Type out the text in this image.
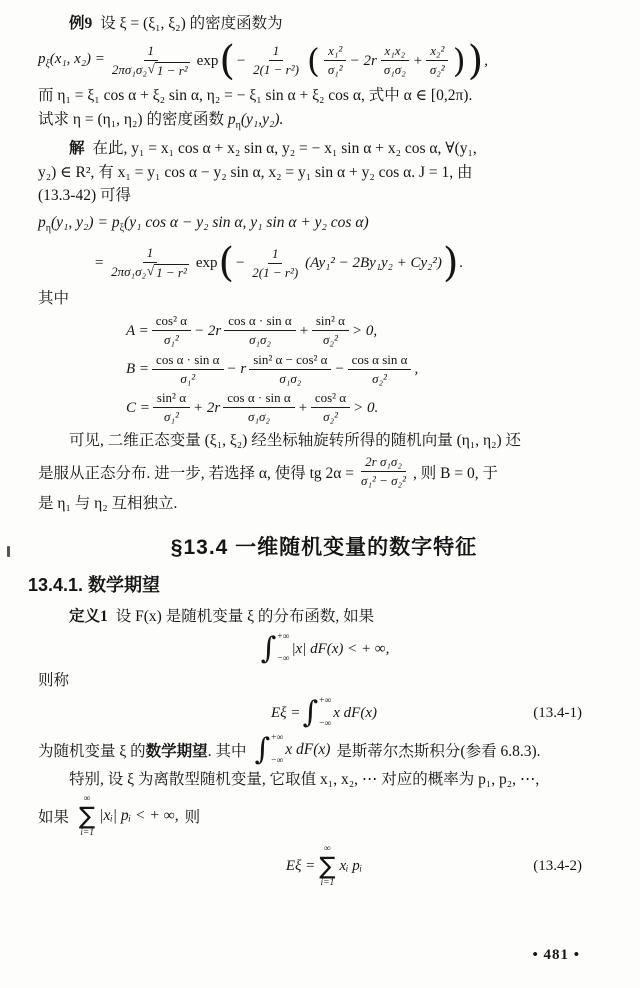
例9 设 ξ = (ξ₁, ξ₂) 的密度函数为

$p_\xi(x_1$, $x_2) = \frac{1}{\text{2πσ₁σ₂ √ 1 − r²}}$ exp ( − $\frac{1}{\text{2(1 − r²)}}$ ( $\frac{\text{x₁²}}{\text{σ₁²}} - 2r \frac{\text{x₁x₂}}{\text{σ₁σ₂}} + \frac{\text{x₂²}}{\text{σ₂²}}$ ) ) ,

而 η₁ = ξ₁ cos α + ξ₂ sin α, η₂ = − ξ₁ sin α + ξ₂ cos α, 式中 α ∈ [0,2π).

试求 η = (η₁, η₂) 的密度函数 $p_\eta(y_1,y_2)$.

解 在此, y₁ = x₁ cos α + x₂ sin α, y₂ = − x₁ sin α + x₂ cos α, ∀(y₁,

y₂) ∈ R², 有 x₁ = y₁ cos α − y₂ sin α, x₂ = y₁ sin α + y₂ cos α. J = 1, 由

(13.3-42) 可得

$p_\eta(y_1$, $y_2) = p_\xi(y_1$ cos α − y₂ sin α, y₁ sin α + y₂ cos α)

= $\frac{1}{\text{2πσ₁σ₂ √ 1 − r²}}$ exp ( − $\frac{1}{\text{2(1 − r²)}} (Ay_1^2 - 2By_1y_2 + Cy_2^2)$ ) .

其中

$A = \frac{\text{cos² α}}{\text{σ₁²}} - 2r \frac{\text{cos α · sin α}}{\text{σ₁σ₂}} + \frac{\text{sin² α}}{\text{σ₂²}} > 0$,
$B = \frac{\text{cos α · sin α}}{\text{σ₁²}} - r \frac{\text{sin² α − cos² α}}{\text{σ₁σ₂}} - \frac{\text{cos α sin α}}{\text{σ₂²}}$ ,
$C = \frac{\text{sin² α}}{\text{σ₁²}} + 2r \frac{\text{cos α · sin α}}{\text{σ₁σ₂}} + \frac{\text{cos² α}}{\text{σ₂²}} > 0$.

可见, 二维正态变量 (ξ₁, ξ₂) 经坐标轴旋转所得的随机向量 (η₁, η₂) 还

是服从正态分布. 进一步, 若选择 α, 使得 tg $2\alpha = \frac{\text{2r σ₁σ₂}}{\text{σ₁² − σ₂²}}$ , 则 B = 0, 于

是 η₁ 与 η₂ 互相独立.

§13.4 一维随机变量的数字特征
13.4.1. 数学期望

定义1 设 F(x) 是随机变量 ξ 的分布函数, 如果

∫ +∞
−∞
|x| dF(x) < + ∞,

则称

Eξ = ∫ +∞
−∞
x dF(x)	(13.4-1)
为随机变量 ξ 的 数学期望 . 其中 ∫ +∞
−∞
x dF(x) 是斯蒂尔杰斯积分(参看 6.8.3).

特别, 设 ξ 为离散型随机变量, 它取值 x₁, x₂, ⋯ 对应的概率为 p₁, p₂, ⋯,

如果
∞
∑
i=1
|xᵢ| pᵢ < + ∞, 则
Eξ =
∞
∑
i=1
xᵢ pᵢ	(13.4-2)
• 481 •
